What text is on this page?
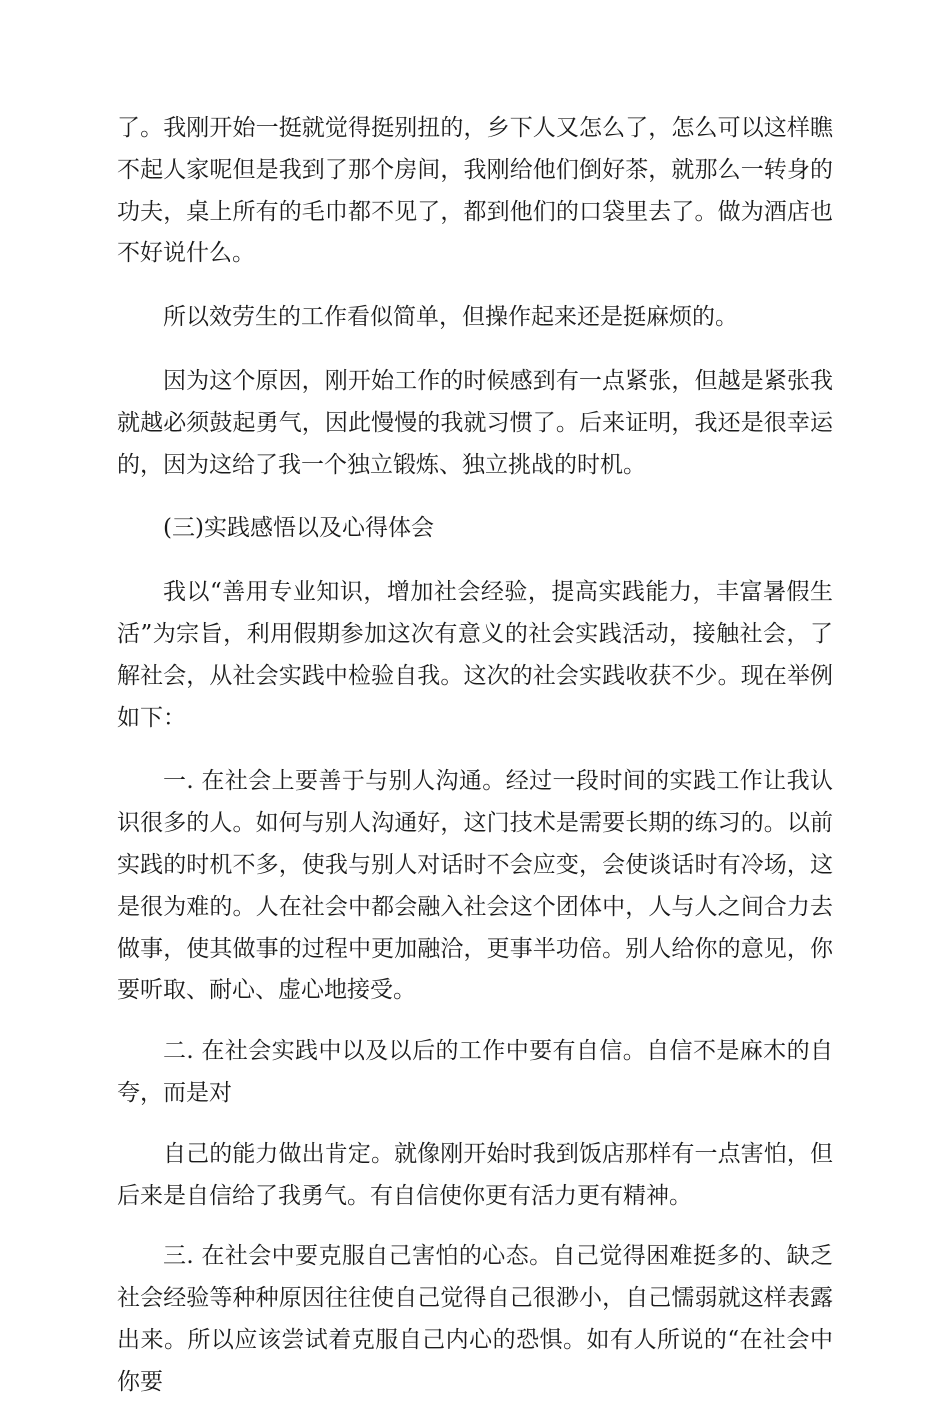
了。我刚开始一挺就觉得挺别扭的，乡下人又怎么了，怎么可以这样瞧不起人家呢但是我到了那个房间，我刚给他们倒好茶，就那么一转身的功夫，桌上所有的毛巾都不见了，都到他们的口袋里去了。做为酒店也不好说什么。

所以效劳生的工作看似简单，但操作起来还是挺麻烦的。

因为这个原因，刚开始工作的时候感到有一点紧张，但越是紧张我就越必须鼓起勇气，因此慢慢的我就习惯了。后来证明，我还是很幸运的，因为这给了我一个独立锻炼、独立挑战的时机。

(三)实践感悟以及心得体会

我以“善用专业知识，增加社会经验，提高实践能力，丰富暑假生活”为宗旨，利用假期参加这次有意义的社会实践活动，接触社会，了解社会，从社会实践中检验自我。这次的社会实践收获不少。现在举例如下：

一. 在社会上要善于与别人沟通。经过一段时间的实践工作让我认识很多的人。如何与别人沟通好，这门技术是需要长期的练习的。以前实践的时机不多，使我与别人对话时不会应变，会使谈话时有冷场，这是很为难的。人在社会中都会融入社会这个团体中，人与人之间合力去做事，使其做事的过程中更加融洽，更事半功倍。别人给你的意见，你要听取、耐心、虚心地接受。

二. 在社会实践中以及以后的工作中要有自信。自信不是麻木的自夸，而是对

自己的能力做出肯定。就像刚开始时我到饭店那样有一点害怕，但后来是自信给了我勇气。有自信使你更有活力更有精神。

三. 在社会中要克服自己害怕的心态。自己觉得困难挺多的、缺乏社会经验等种种原因往往使自己觉得自己很渺小，自己懦弱就这样表露出来。所以应该尝试着克服自己内心的恐惧。如有人所说的“在社会中你要
